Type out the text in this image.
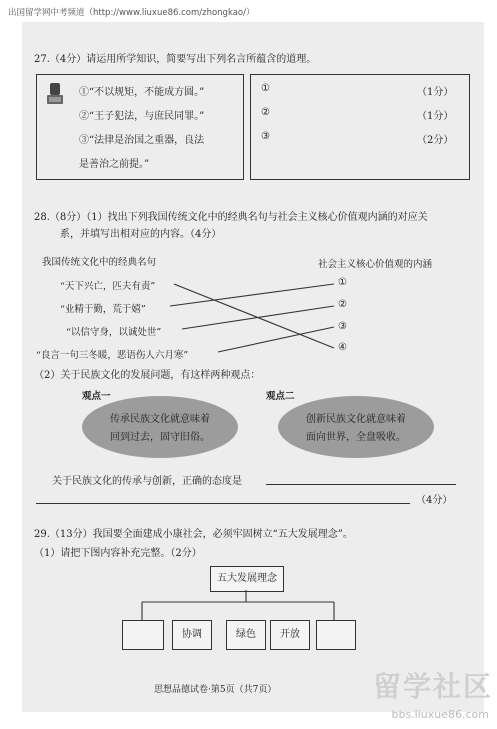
出国留学网中考频道（http://www.liuxue86.com/zhongkao/）
27.（4分）请运用所学知识，简要写出下列名言所蕴含的道理。
①“不以规矩，不能成方圆。”
②“王子犯法，与庶民同罪。”
③“法律是治国之重器，良法
是善治之前提。”
①	（1分）
②	（1分）
③	（2分）
28.（8分）（1）找出下列我国传统文化中的经典名句与社会主义核心价值观内涵的对应关
系，并填写出相对应的内容。（4分）
我国传统文化中的经典名句	社会主义核心价值观的内涵
“天下兴亡，匹夫有责”
“业精于勤，荒于嬉”
“以信守身，以诚处世”
“良言一句三冬暖，恶语伤人六月寒”
①
②
③
④
（2）关于民族文化的发展问题，有这样两种观点：
观点一
传承民族文化就意味着
回到过去，固守旧俗。
观点二
创新民族文化就意味着
面向世界，全盘吸收。
关于民族文化的传承与创新，正确的态度是
（4分）
29.（13分）我国要全面建成小康社会，必须牢固树立“五大发展理念”。
（1）请把下图内容补充完整。（2分）
五大发展理念
协调	绿色	开放
思想品德试卷·第5页（共7页）	留学社区
bbs.liuxue86.com
